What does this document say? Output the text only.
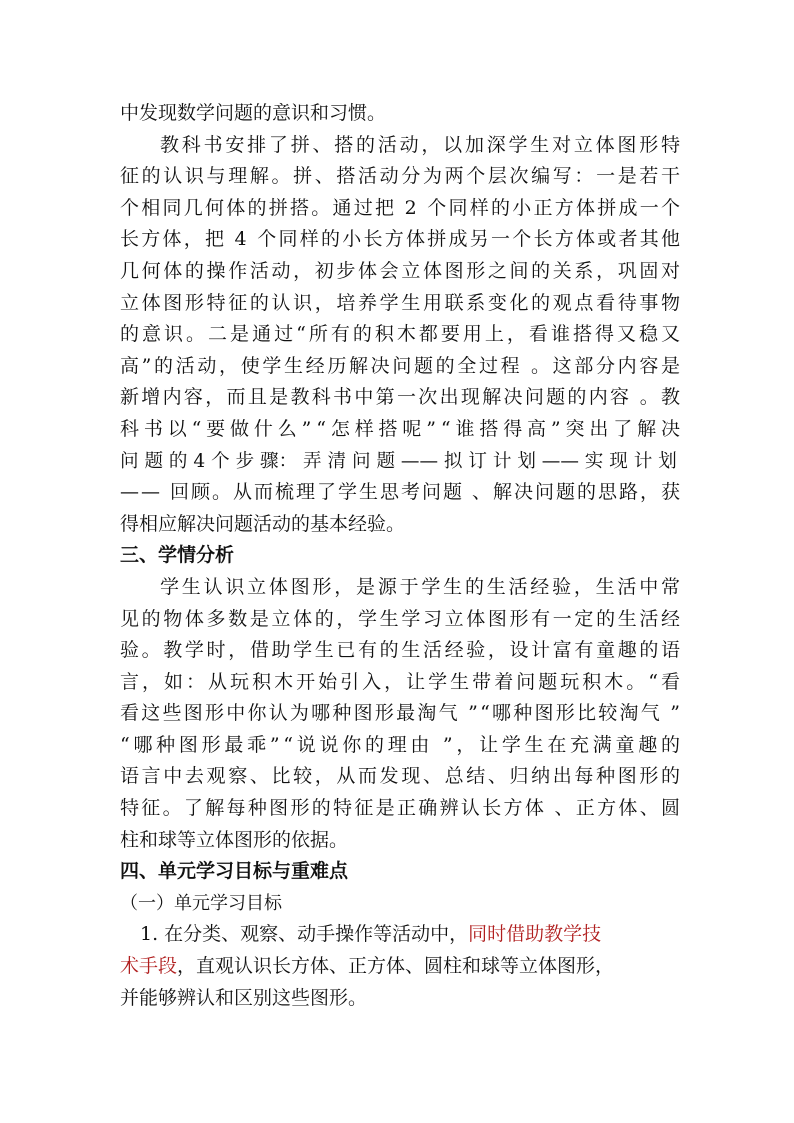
中发现数学问题的意识和习惯。
教科书安排了拼、搭的活动，以加深学生对立体图形特
征的认识与理解。拼、搭活动分为两个层次编写：一是若干
个相同几何体的拼搭。通过把 2 个同样的小正方体拼成一个
长方体，把 4 个同样的小长方体拼成另一个长方体或者其他
几何体的操作活动，初步体会立体图形之间的关系，巩固对
立体图形特征的认识，培养学生用联系变化的观点看待事物
的意识。二是通过“所有的积木都要用上，看谁搭得又稳又
高”的活动，使学生经历解决问题的全过程 。这部分内容是
新增内容，而且是教科书中第一次出现解决问题的内容 。教
科书以“要做什么”“怎样搭呢”“谁搭得高”突出了解决
问 题 的 4 个 步 骤： 弄 清 问 题 —— 拟 订 计 划 —— 实 现 计 划
—— 回顾。从而梳理了学生思考问题 、解决问题的思路，获
得相应解决问题活动的基本经验。
三、学情分析
学生认识立体图形，是源于学生的生活经验，生活中常
见的物体多数是立体的，学生学习立体图形有一定的生活经
验。教学时，借助学生已有的生活经验，设计富有童趣的语
言，如：从玩积木开始引入，让学生带着问题玩积木。“看
看这些图形中你认为哪种图形最淘气 ”“哪种图形比较淘气 ”
“哪种图形最乖”“说说你的理由 ”，让学生在充满童趣的
语言中去观察、比较，从而发现、总结、归纳出每种图形的
特征。了解每种图形的特征是正确辨认长方体 、正方体、圆
柱和球等立体图形的依据。
四、单元学习目标与重难点
（一）单元学习目标
1. 在分类、观察、动手操作等活动中， 同时借助教学技
术手段 ，直观认识长方体、正方体、圆柱和球等立体图形，
并能够辨认和区别这些图形。
